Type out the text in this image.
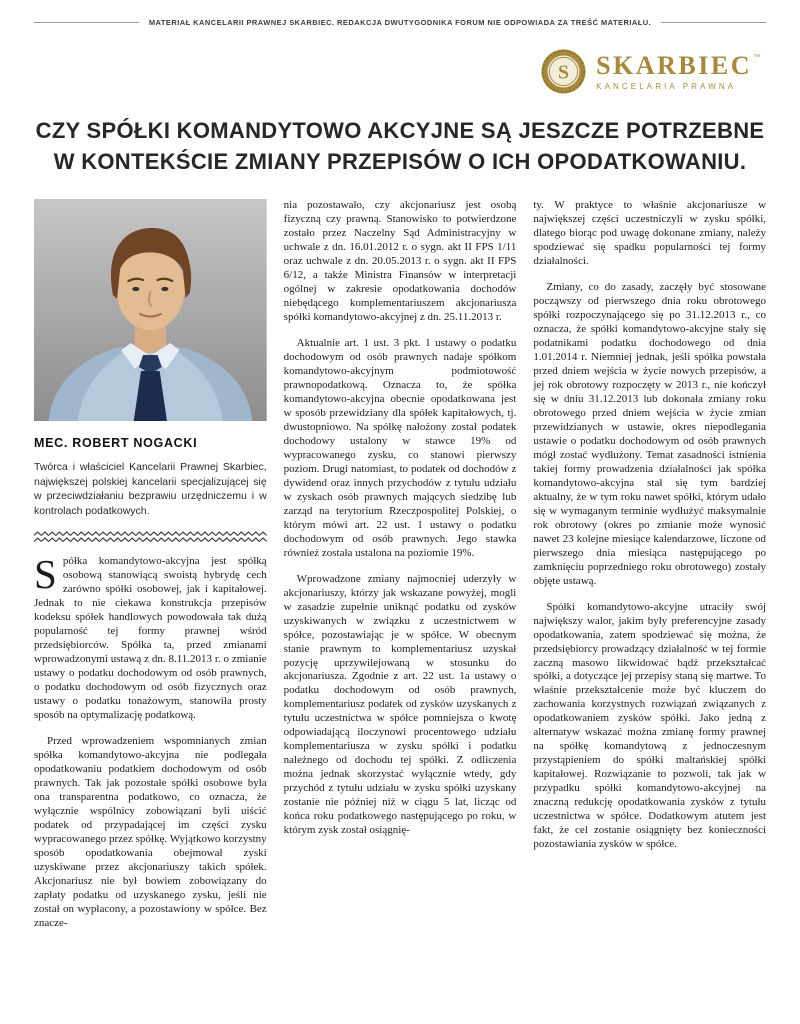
MATERIAŁ KANCELARII PRAWNEJ SKARBIEC. REDAKCJA DWUTYGODNIKA FORUM NIE ODPOWIADA ZA TREŚĆ MATERIAŁU.
S SKARBIEC ™
KANCELARIA PRAWNA
CZY SPÓŁKI KOMANDYTOWO AKCYJNE SĄ JESZCZE POTRZEBNE W KONTEKŚCIE ZMIANY PRZEPISÓW O ICH OPODATKOWANIU.
MEC. ROBERT NOGACKI

Twórca i właściciel Kancelarii Prawnej Skarbiec, największej polskiej kancelarii specjalizującej się w przeciwdziałaniu bezprawiu urzędniczemu i w kontrolach podatkowych.

Spółka komandytowo-akcyjna jest spółką osobową stanowiącą swoistą hybrydę cech zarówno spółki osobowej, jak i kapitałowej. Jednak to nie ciekawa konstrukcja przepisów kodeksu spółek handlowych powodowała tak dużą popularność tej formy prawnej wśród przedsiębiorców. Spółka ta, przed zmianami wprowadzonymi ustawą z dn. 8.11.2013 r. o zmianie ustawy o podatku dochodowym od osób prawnych, o podatku dochodowym od osób fizycznych oraz ustawy o podatku tonażowym, stanowiła prosty sposób na optymalizację podatkową.

Przed wprowadzeniem wspomnianych zmian spółka komandytowo-akcyjna nie podlegała opodatkowaniu podatkiem dochodowym od osób prawnych. Tak jak pozostałe spółki osobowe była ona transparentna podatkowo, co oznacza, że wyłącznie wspólnicy zobowiązani byli uiścić podatek od przypadającej im części zysku wypracowanego przez spółkę. Wyjątkowo korzystny sposób opodatkowania obejmował zyski uzyskiwane przez akcjonariuszy takich spółek. Akcjonariusz nie był bowiem zobowiązany do zapłaty podatku od uzyskanego zysku, jeśli nie został on wypłacony, a pozostawiony w spółce. Bez znacze-

nia pozostawało, czy akcjonariusz jest osobą fizyczną czy prawną. Stanowisko to potwierdzone zostało przez Naczelny Sąd Administracyjny w uchwale z dn. 16.01.2012 r. o sygn. akt II FPS 1/11 oraz uchwale z dn. 20.05.2013 r. o sygn. akt II FPS 6/12, a także Ministra Finansów w interpretacji ogólnej w zakresie opodatkowania dochodów niebędącego komplementariuszem akcjonariusza spółki komandytowo-akcyjnej z dn. 25.11.2013 r.

Aktualnie art. 1 ust. 3 pkt. 1 ustawy o podatku dochodowym od osób prawnych nadaje spółkom komandytowo-akcyjnym podmiotowość prawnopodatkową. Oznacza to, że spółka komandytowo-akcyjna obecnie opodatkowana jest w sposób przewidziany dla spółek kapitałowych, tj. dwustopniowo. Na spółkę nałożony został podatek dochodowy ustalony w stawce 19% od wypracowanego zysku, co stanowi pierwszy poziom. Drugi natomiast, to podatek od dochodów z dywidend oraz innych przychodów z tytułu udziału w zyskach osób prawnych mających siedzibę lub zarząd na terytorium Rzeczpospolitej Polskiej, o którym mówi art. 22 ust. 1 ustawy o podatku dochodowym od osób prawnych. Jego stawka również została ustalona na poziomie 19%.

Wprowadzone zmiany najmocniej uderzyły w akcjonariuszy, którzy jak wskazane powyżej, mogli w zasadzie zupełnie uniknąć podatku od zysków uzyskiwanych w związku z uczestnictwem w spółce, pozostawiając je w spółce. W obecnym stanie prawnym to komplementariusz uzyskał pozycję uprzywilejowaną w stosunku do akcjonariusza. Zgodnie z art. 22 ust. 1a ustawy o podatku dochodowym od osób prawnych, komplementariusz podatek od zysków uzyskanych z tytułu uczestnictwa w spółce pomniejsza o kwotę odpowiadającą iloczynowi procentowego udziału komplementariusza w zysku spółki i podatku należnego od dochodu tej spółki. Z odliczenia można jednak skorzystać wyłącznie wtedy, gdy przychód z tytułu udziału w zysku spółki uzyskany zostanie nie później niż w ciągu 5 lat, licząc od końca roku podatkowego następującego po roku, w którym zysk został osiągnię-

ty. W praktyce to właśnie akcjonariusze w największej części uczestniczyli w zysku spółki, dlatego biorąc pod uwagę dokonane zmiany, należy spodziewać się spadku popularności tej formy działalności.

Zmiany, co do zasady, zaczęły być stosowane począwszy od pierwszego dnia roku obrotowego spółki rozpoczynającego się po 31.12.2013 r., co oznacza, że spółki komandytowo-akcyjne stały się podatnikami podatku dochodowego od dnia 1.01.2014 r. Niemniej jednak, jeśli spółka powstała przed dniem wejścia w życie nowych przepisów, a jej rok obrotowy rozpoczęty w 2013 r., nie kończył się w dniu 31.12.2013 lub dokonała zmiany roku obrotowego przed dniem wejścia w życie zmian przewidzianych w ustawie, okres niepodlegania ustawie o podatku dochodowym od osób prawnych mógł zostać wydłużony. Temat zasadności istnienia takiej formy prowadzenia działalności jak spółka komandytowo-akcyjna stał się tym bardziej aktualny, że w tym roku nawet spółki, którym udało się w wymaganym terminie wydłużyć maksymalnie rok obrotowy (okres po zmianie może wynosić nawet 23 kolejne miesiące kalendarzowe, liczone od pierwszego dnia miesiąca następującego po zamknięciu poprzedniego roku obrotowego) zostały objęte ustawą.

Spółki komandytowo-akcyjne utraciły swój największy walor, jakim były preferencyjne zasady opodatkowania, zatem spodziewać się można, że przedsiębiorcy prowadzący działalność w tej formie zaczną masowo likwidować bądź przekształcać spółki, a dotyczące jej przepisy staną się martwe. To właśnie przekształcenie może być kluczem do zachowania korzystnych rozwiązań związanych z opodatkowaniem zysków spółki. Jako jedną z alternatyw wskazać można zmianę formy prawnej na spółkę komandytową z jednoczesnym przystąpieniem do spółki maltańskiej spółki kapitałowej. Rozwiązanie to pozwoli, tak jak w przypadku spółki komandytowo-akcyjnej na znaczną redukcję opodatkowania zysków z tytułu uczestnictwa w spółce. Dodatkowym atutem jest fakt, że cel zostanie osiągnięty bez konieczności pozostawiania zysków w spółce.
